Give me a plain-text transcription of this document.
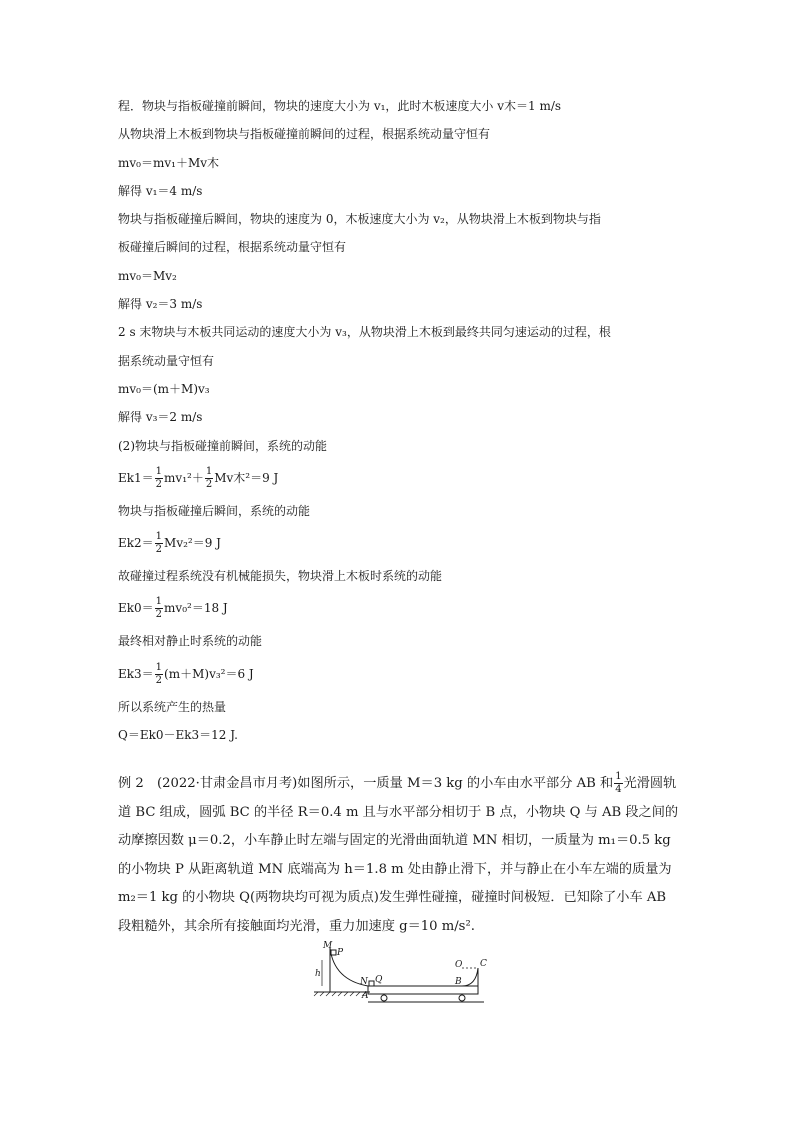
程．物块与指板碰撞前瞬间，物块的速度大小为 v₁，此时木板速度大小 v木＝1 m/s
从物块滑上木板到物块与指板碰撞前瞬间的过程，根据系统动量守恒有
mv₀＝mv₁＋Mv木
解得 v₁＝4 m/s
物块与指板碰撞后瞬间，物块的速度为 0，木板速度大小为 v₂，从物块滑上木板到物块与指
板碰撞后瞬间的过程，根据系统动量守恒有
mv₀＝Mv₂
解得 v₂＝3 m/s
2 s 末物块与木板共同运动的速度大小为 v₃，从物块滑上木板到最终共同匀速运动的过程，根
据系统动量守恒有
mv₀＝(m＋M)v₃
解得 v₃＝2 m/s
(2)物块与指板碰撞前瞬间，系统的动能
$Ek1= \frac{1}{2} mv_1^2+ \frac{1}{2}$ Mv木²＝9 J
物块与指板碰撞后瞬间，系统的动能
$Ek2= \frac{1}{2} Mv_2^2=9$ J
故碰撞过程系统没有机械能损失，物块滑上木板时系统的动能
$Ek0= \frac{1}{2} mv_0^2=18$ J
最终相对静止时系统的动能
$Ek3= \frac{1}{2} (m+M)v_3^2=6$ J
所以系统产生的热量
Q＝Ek0－Ek3＝12 J.
例 2　(2022·甘肃金昌市月考)如图所示，一质量 M＝3 kg 的小车由水平部分 AB 和 $\frac{1}{4}$ 光滑圆轨
道 BC 组成，圆弧 BC 的半径 R＝0.4 m 且与水平部分相切于 B 点，小物块 Q 与 AB 段之间的
动摩擦因数 μ＝0.2，小车静止时左端与固定的光滑曲面轨道 MN 相切，一质量为 m₁＝0.5 kg
的小物块 P 从距离轨道 MN 底端高为 h＝1.8 m 处由静止滑下，并与静止在小车左端的质量为
m₂＝1 kg 的小物块 Q(两物块均可视为质点)发生弹性碰撞，碰撞时间极短．已知除了小车 AB
段粗糙外，其余所有接触面均光滑，重力加速度 g＝10 m/s².
M
P
h
N Q
A
O C
B
